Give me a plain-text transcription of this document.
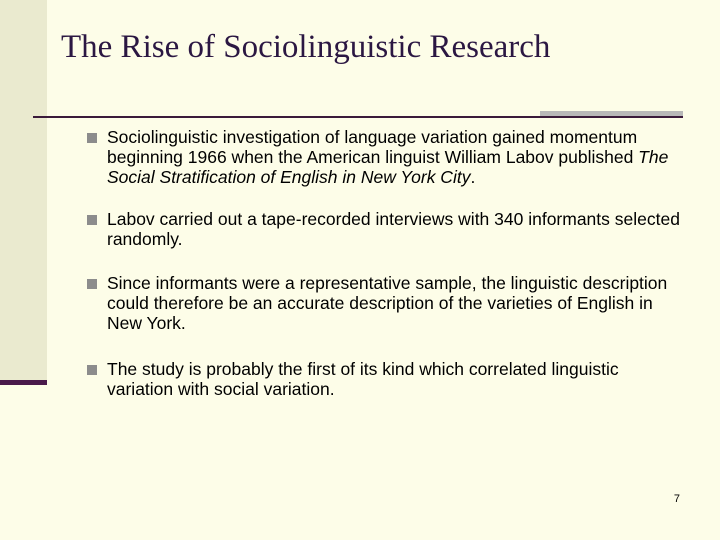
The Rise of Sociolinguistic Research
Sociolinguistic investigation of language variation gained momentum beginning 1966 when the American linguist William Labov published The Social Stratification of English in New York City.
Labov carried out a tape-recorded interviews with 340 informants selected randomly.
Since informants were a representative sample, the linguistic description could therefore be an accurate description of the varieties of English in New York.
The study is probably the first of its kind which correlated linguistic variation with social variation.
7
